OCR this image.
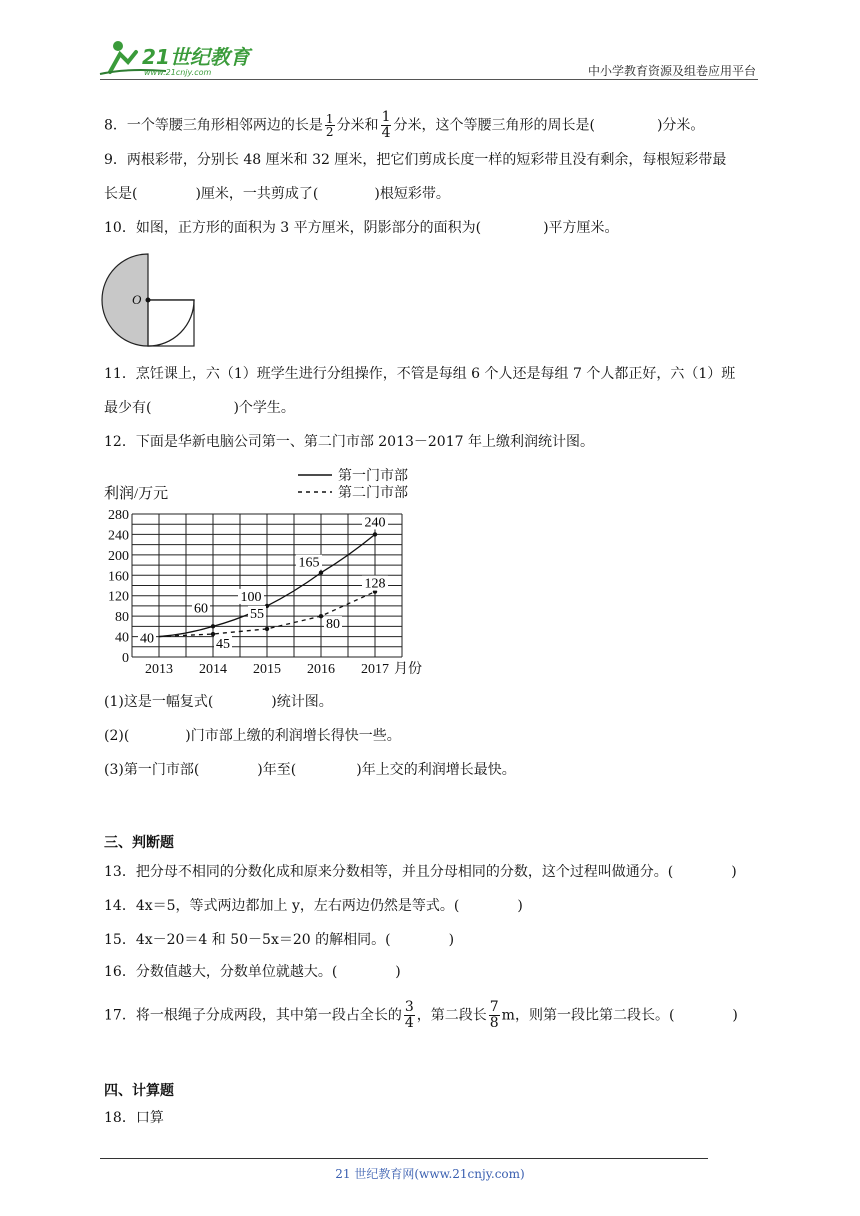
21世纪教育
www.21cnjy.com	中小学教育资源及组卷应用平台
8．一个等腰三角形相邻两边的长是 $\frac{1}{2}$ 分米和 $\frac{1}{4}$ 分米，这个等腰三角形的周长是(	)分米。
9．两根彩带，分别长 48 厘米和 32 厘米，把它们剪成长度一样的短彩带且没有剩余，每根短彩带最
长是(	)厘米，一共剪成了(	)根短彩带。
10．如图，正方形的面积为 3 平方厘米，阴影部分的面积为(	)平方厘米。
O
11．烹饪课上，六（1）班学生进行分组操作，不管是每组 6 个人还是每组 7 个人都正好，六（1）班
最少有(	)个学生。
12．下面是华新电脑公司第一、第二门市部 2013－2017 年上缴利润统计图。
0
40
80
120
160
200
240
280
利润/万元
2013 2014 2015 2016 2017 月份
第一门市部
第二门市部
40
60
100
165
240
45
55
80
128
(1)这是一幅复式(	)统计图。
(2)(	)门市部上缴的利润增长得快一些。
(3)第一门市部(	)年至(	)年上交的利润增长最快。
三、判断题
13．把分母不相同的分数化成和原来分数相等，并且分母相同的分数，这个过程叫做通分。(	)
14．4x＝5，等式两边都加上 y，左右两边仍然是等式。(	)
15．4x－20＝4 和 50－5x＝20 的解相同。(	)
16．分数值越大，分数单位就越大。(	)
17．将一根绳子分成两段，其中第一段占全长的 $\frac{3}{4}$ ，第二段长 $\frac{7}{8}$ m，则第一段比第二段长。(	)
四、计算题
18．口算
21 世纪教育网(www.21cnjy.com)
